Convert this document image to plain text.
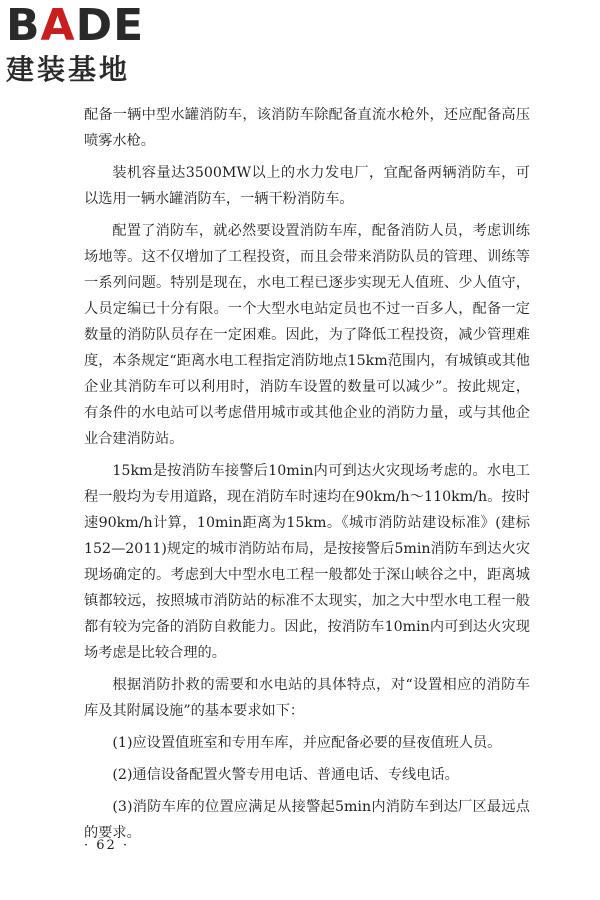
BADE
建装基地

配备一辆中型水罐消防车，该消防车除配备直流水枪外，还应配备高压喷雾水枪。

装机容量达3500MW以上的水力发电厂，宜配备两辆消防车，可以选用一辆水罐消防车，一辆干粉消防车。

配置了消防车，就必然要设置消防车库，配备消防人员，考虑训练场地等。这不仅增加了工程投资，而且会带来消防队员的管理、训练等一系列问题。特别是现在，水电工程已逐步实现无人值班、少人值守，人员定编已十分有限。一个大型水电站定员也不过一百多人，配备一定数量的消防队员存在一定困难。因此，为了降低工程投资，减少管理难度，本条规定“距离水电工程指定消防地点15km范围内，有城镇或其他企业其消防车可以利用时，消防车设置的数量可以减少”。按此规定，有条件的水电站可以考虑借用城市或其他企业的消防力量，或与其他企业合建消防站。

15km是按消防车接警后10min内可到达火灾现场考虑的。水电工程一般均为专用道路，现在消防车时速均在90km/h～110km/h。按时速90km/h计算，10min距离为15km。《城市消防站建设标准》(建标152—2011)规定的城市消防站布局，是按接警后5min消防车到达火灾现场确定的。考虑到大中型水电工程一般都处于深山峡谷之中，距离城镇都较远，按照城市消防站的标准不太现实，加之大中型水电工程一般都有较为完备的消防自救能力。因此，按消防车10min内可到达火灾现场考虑是比较合理的。

根据消防扑救的需要和水电站的具体特点，对“设置相应的消防车库及其附属设施”的基本要求如下：

(1)应设置值班室和专用车库，并应配备必要的昼夜值班人员。

(2)通信设备配置火警专用电话、普通电话、专线电话。

(3)消防车库的位置应满足从接警起5min内消防车到达厂区最远点的要求。

· 62 ·
